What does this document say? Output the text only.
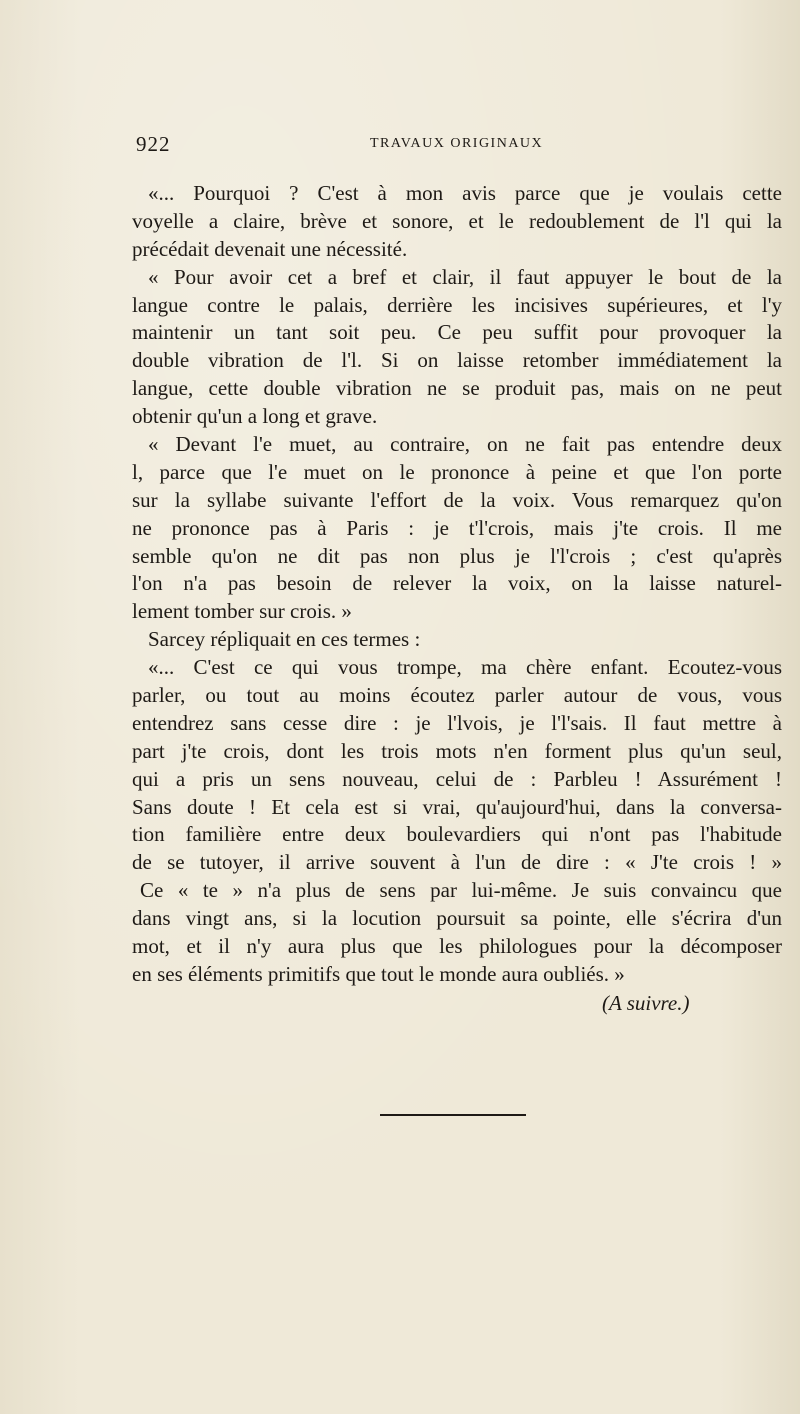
922	TRAVAUX ORIGINAUX
«... Pourquoi ? C'est à mon avis parce que je voulais cette
voyelle a claire, brève et sonore, et le redoublement de l'l qui la
précédait devenait une nécessité.
« Pour avoir cet a bref et clair, il faut appuyer le bout de la
langue contre le palais, derrière les incisives supérieures, et l'y
maintenir un tant soit peu. Ce peu suffit pour provoquer la
double vibration de l'l. Si on laisse retomber immédiatement la
langue, cette double vibration ne se produit pas, mais on ne peut
obtenir qu'un a long et grave.
« Devant l'e muet, au contraire, on ne fait pas entendre deux
l, parce que l'e muet on le prononce à peine et que l'on porte
sur la syllabe suivante l'effort de la voix. Vous remarquez qu'on
ne prononce pas à Paris : je t'l'crois, mais j'te crois. Il me
semble qu'on ne dit pas non plus je l'l'crois ; c'est qu'après
l'on n'a pas besoin de relever la voix, on la laisse naturel-
lement tomber sur crois. »
Sarcey répliquait en ces termes :
«... C'est ce qui vous trompe, ma chère enfant. Ecoutez-vous
parler, ou tout au moins écoutez parler autour de vous, vous
entendrez sans cesse dire : je l'lvois, je l'l'sais. Il faut mettre à
part j'te crois, dont les trois mots n'en forment plus qu'un seul,
qui a pris un sens nouveau, celui de : Parbleu ! Assurément !
Sans doute ! Et cela est si vrai, qu'aujourd'hui, dans la conversa-
tion familière entre deux boulevardiers qui n'ont pas l'habitude
de se tutoyer, il arrive souvent à l'un de dire : « J'te crois ! »
Ce « te » n'a plus de sens par lui-même. Je suis convaincu que
dans vingt ans, si la locution poursuit sa pointe, elle s'écrira d'un
mot, et il n'y aura plus que les philologues pour la décomposer
en ses éléments primitifs que tout le monde aura oubliés. »
(A suivre.)
